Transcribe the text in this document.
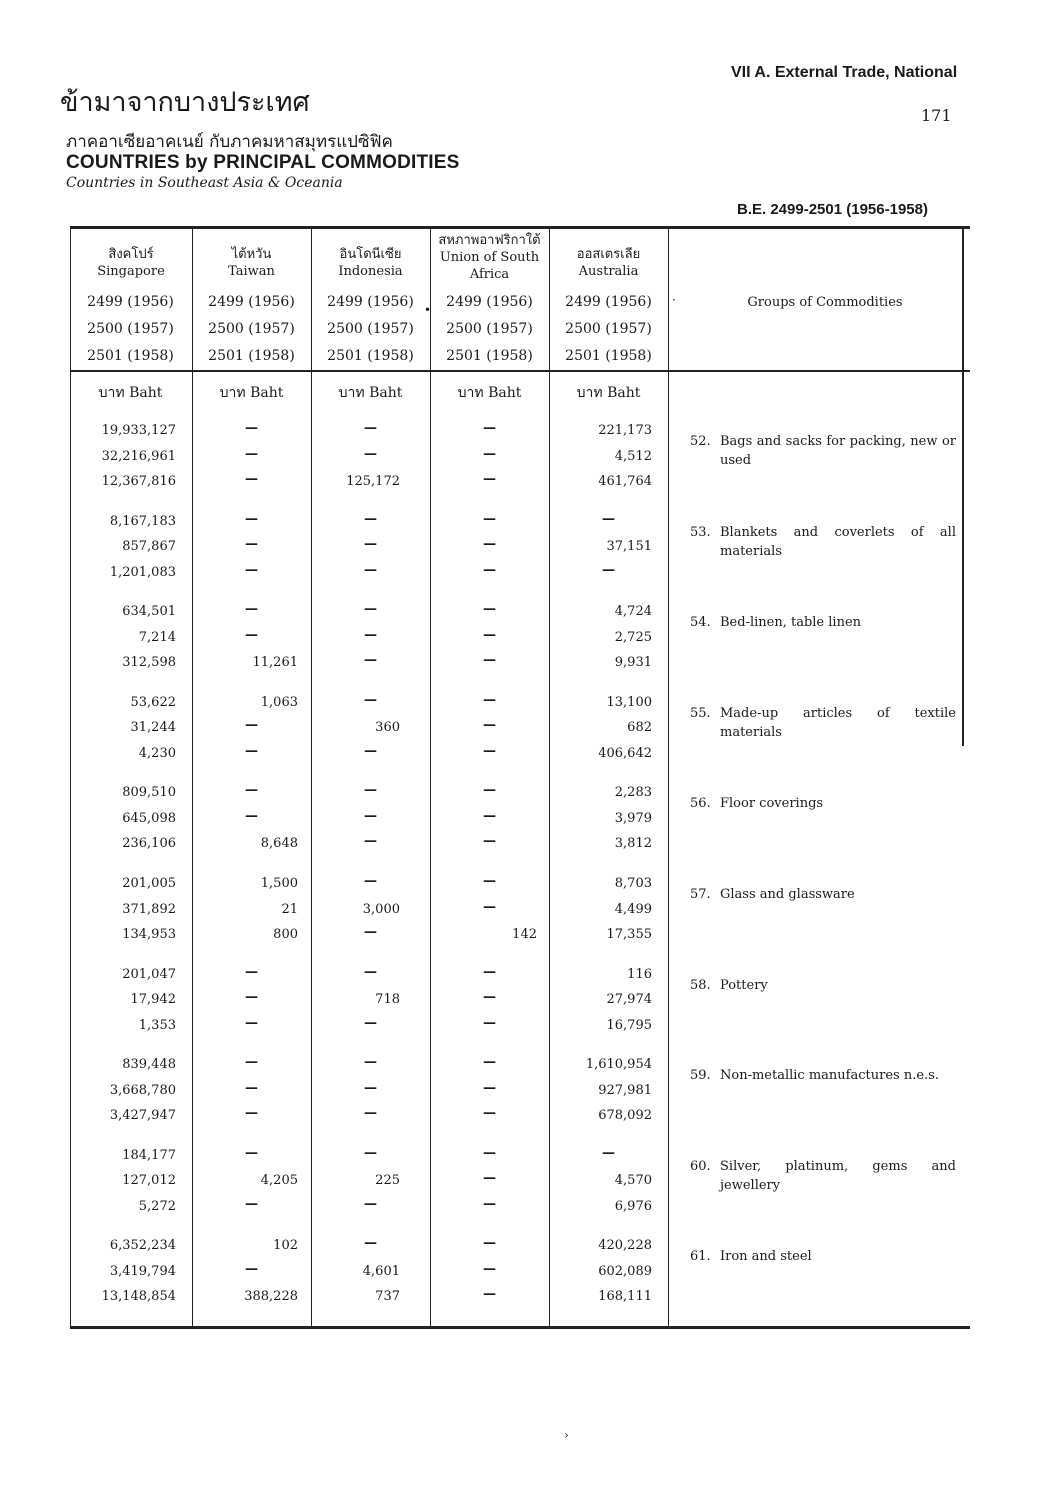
ข้ามาจากบางประเทศ
ภาคอาเซียอาคเนย์ กับภาคมหาสมุทรแปซิฟิค
COUNTRIES by PRINCIPAL COMMODITIES
Countries in Southeast Asia & Oceania
VII A. External Trade, National
171
B.E. 2499-2501 (1956-1958)
สิงคโปร์
Singapore
ไต้หวัน
Taiwan
อินโดนีเซีย
Indonesia
สหภาพอาฟริกาใต้
Union of South
Africa
ออสเตรเลีย
Australia
Groups of Commodities
2499 (1956)	2499 (1956)	2499 (1956)	2499 (1956)	2499 (1956)
2500 (1957)	2500 (1957)	2500 (1957)	2500 (1957)	2500 (1957)
2501 (1958)	2501 (1958)	2501 (1958)	2501 (1958)	2501 (1958)
บาท Baht	บาท Baht	บาท Baht	บาท Baht	บาท Baht
19,933,127	—	—	—	221,173
32,216,961	—	—	—	4,512
12,367,816	—	125,172	—	461,764
52. Bags and sacks for packing, new or used
8,167,183	—	—	—	—
857,867	—	—	—	37,151
1,201,083	—	—	—	—
53. Blankets and coverlets of all materials
634,501	—	—	—	4,724
7,214	—	—	—	2,725
312,598	11,261	—	—	9,931
54. Bed-linen, table linen
53,622	1,063	—	—	13,100
31,244	—	360	—	682
4,230	—	—	—	406,642
55. Made-up articles of textile materials
809,510	—	—	—	2,283
645,098	—	—	—	3,979
236,106	8,648	—	—	3,812
56. Floor coverings
201,005	1,500	—	—	8,703
371,892	21	3,000	—	4,499
134,953	800	—	142	17,355
57. Glass and glassware
201,047	—	—	—	116
17,942	—	718	—	27,974
1,353	—	—	—	16,795
58. Pottery
839,448	—	—	—	1,610,954
3,668,780	—	—	—	927,981
3,427,947	—	—	—	678,092
59. Non-metallic manufactures n.e.s.
184,177	—	—	—	—
127,012	4,205	225	—	4,570
5,272	—	—	—	6,976
60. Silver, platinum, gems and jewellery
6,352,234	102	—	—	420,228
3,419,794	—	4,601	—	602,089
13,148,854	388,228	737	—	168,111
61. Iron and steel
•
·
›
